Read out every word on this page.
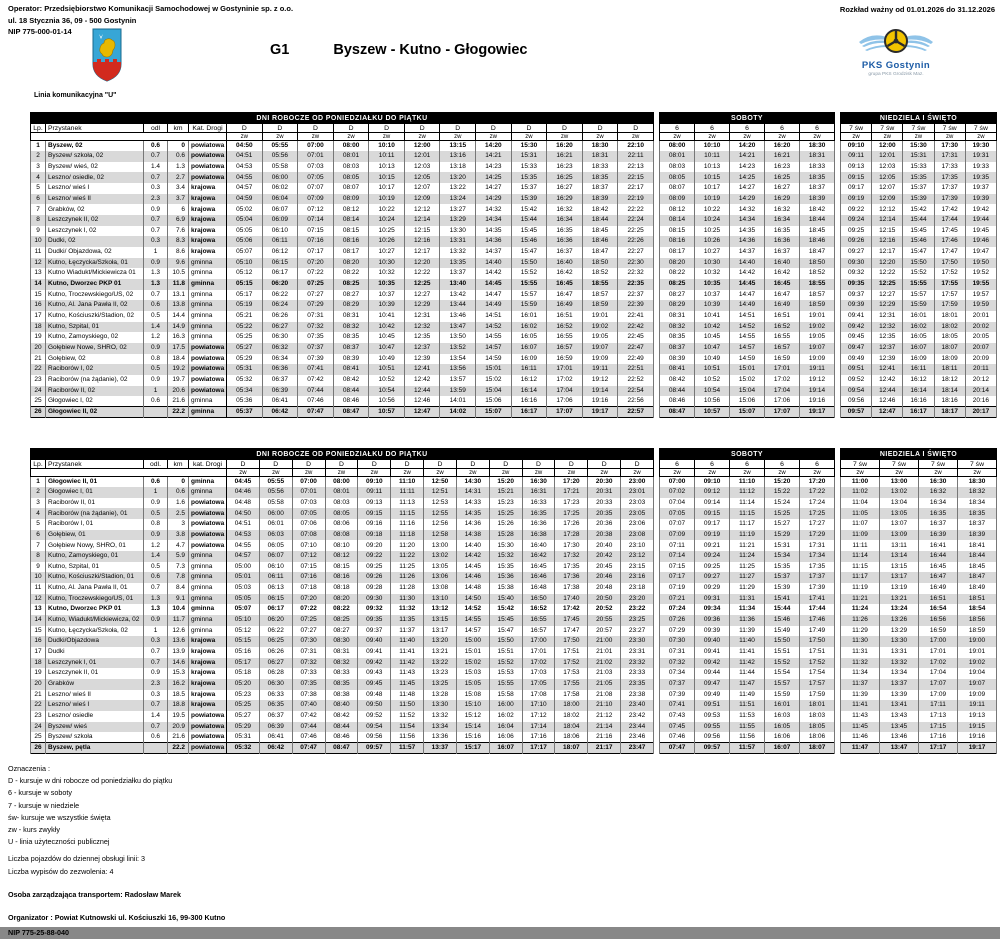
Operator: Przedsiębiorstwo Komunikacji Samochodowej w Gostyninie sp. z o.o.
ul. 18 Stycznia 36, 09 - 500 Gostynin
NIP 775-000-01-14
Rozkład ważny od 01.01.2026 do 31.12.2026
G1	Byszew - Kutno - Głogowiec
PKS Gostynin
grupa PKS Grodzisk Maz.
Linia komunikacyjna "U"
DNI ROBOCZE OD PONIEDZIAŁKU DO PIĄTKU																
Lp.	Przystanek	odl	km	Kat. Drogi	D	D	D	D	D	D	D	D	D	D	D	D
					zw	zw	zw	zw	zw	zw	zw	zw	zw	zw	zw	zw
1	Byszew, 02	0.6	0	powiatowa	04:50	05:55	07:00	08:00	10:10	12:00	13:15	14:20	15:30	16:20	18:30	22:10
2	Byszew/ szkoła, 02	0.7	0.6	powiatowa	04:51	05:56	07:01	08:01	10:11	12:01	13:16	14:21	15:31	16:21	18:31	22:11
3	Byszew/ wieś, 02	1.4	1.3	powiatowa	04:53	05:58	07:03	08:03	10:13	12:03	13:18	14:23	15:33	16:23	18:33	22:13
4	Leszno/ osiedle, 02	0.7	2.7	powiatowa	04:55	06:00	07:05	08:05	10:15	12:05	13:20	14:25	15:35	16:25	18:35	22:15
5	Leszno/ wieś I	0.3	3.4	krajowa	04:57	06:02	07:07	08:07	10:17	12:07	13:22	14:27	15:37	16:27	18:37	22:17
6	Leszno/ wieś II	2.3	3.7	krajowa	04:59	06:04	07:09	08:09	10:19	12:09	13:24	14:29	15:39	16:29	18:39	22:19
7	Grabków, 02	0.9	6	krajowa	05:02	06:07	07:12	08:12	10:22	12:12	13:27	14:32	15:42	16:32	18:42	22:22
8	Leszczynek II, 02	0.7	6.9	krajowa	05:04	06:09	07:14	08:14	10:24	12:14	13:29	14:34	15:44	16:34	18:44	22:24
9	Leszczynek I, 02	0.7	7.6	krajowa	05:05	06:10	07:15	08:15	10:25	12:15	13:30	14:35	15:45	16:35	18:45	22:25
10	Dudki, 02	0.3	8.3	krajowa	05:06	06:11	07:16	08:16	10:26	12:16	13:31	14:36	15:46	16:36	18:46	22:26
11	Dudki/ Objazdowa, 02	1	8.6	krajowa	05:07	06:12	07:17	08:17	10:27	12:17	13:32	14:37	15:47	16:37	18:47	22:27
12	Kutno, Łęczycka/Szkoła, 01	0.9	9.6	gminna	05:10	06:15	07:20	08:20	10:30	12:20	13:35	14:40	15:50	16:40	18:50	22:30
13	Kutno Wiadukt/Mickiewicza 01	1.3	10.5	gminna	05:12	06:17	07:22	08:22	10:32	12:22	13:37	14:42	15:52	16:42	18:52	22:32
14	Kutno, Dworzec PKP 01	1.3	11.8	gminna	05:15	06:20	07:25	08:25	10:35	12:25	13:40	14:45	15:55	16:45	18:55	22:35
15	Kutno, Troczewskiego/US, 02	0.7	13.1	gminna	05:17	06:22	07:27	08:27	10:37	12:27	13:42	14:47	15:57	16:47	18:57	22:37
16	Kutno, Al. Jana Pawła II, 02	0.6	13.8	gminna	05:19	06:24	07:29	08:29	10:39	12:29	13:44	14:49	15:59	16:49	18:59	22:39
17	Kutno, Kościuszki/Stadion, 02	0.5	14.4	gminna	05:21	06:26	07:31	08:31	10:41	12:31	13:46	14:51	16:01	16:51	19:01	22:41
18	Kutno, Szpital, 01	1.4	14.9	gminna	05:22	06:27	07:32	08:32	10:42	12:32	13:47	14:52	16:02	16:52	19:02	22:42
19	Kutno, Zamoyskiego, 02	1.2	16.3	gminna	05:25	06:30	07:35	08:35	10:45	12:35	13:50	14:55	16:05	16:55	19:05	22:45
20	Gołębiew Nowe, SHRO, 02	0.9	17.5	powiatowa	05:27	06:32	07:37	08:37	10:47	12:37	13:52	14:57	16:07	16:57	19:07	22:47
21	Gołębiew, 02	0.8	18.4	powiatowa	05:29	06:34	07:39	08:39	10:49	12:39	13:54	14:59	16:09	16:59	19:09	22:49
22	Raciborów I, 02	0.5	19.2	powiatowa	05:31	06:36	07:41	08:41	10:51	12:41	13:56	15:01	16:11	17:01	19:11	22:51
23	Raciborów (na żądanie), 02	0.9	19.7	powiatowa	05:32	06:37	07:42	08:42	10:52	12:42	13:57	15:02	16:12	17:02	19:12	22:52
24	Raciborów II, 02	1	20.6	powiatowa	05:34	06:39	07:44	08:44	10:54	12:44	13:59	15:04	16:14	17:04	19:14	22:54
25	Głogowiec I, 02	0.6	21.6	gminna	05:36	06:41	07:46	08:46	10:56	12:46	14:01	15:06	16:16	17:06	19:16	22:56
26	Głogowiec II, 02		22.2	gminna	05:37	06:42	07:47	08:47	10:57	12:47	14:02	15:07	16:17	17:07	19:17	22:57
SOBOTY				
6	6	6	6	6
zw	zw	zw	zw	zw
08:00	10:10	14:20	16:20	18:30
08:01	10:11	14:21	16:21	18:31
08:03	10:13	14:23	16:23	18:33
08:05	10:15	14:25	16:25	18:35
08:07	10:17	14:27	16:27	18:37
08:09	10:19	14:29	16:29	18:39
08:12	10:22	14:32	16:32	18:42
08:14	10:24	14:34	16:34	18:44
08:15	10:25	14:35	16:35	18:45
08:16	10:26	14:36	16:36	18:46
08:17	10:27	14:37	16:37	18:47
08:20	10:30	14:40	16:40	18:50
08:22	10:32	14:42	16:42	18:52
08:25	10:35	14:45	16:45	18:55
08:27	10:37	14:47	16:47	18:57
08:29	10:39	14:49	16:49	18:59
08:31	10:41	14:51	16:51	19:01
08:32	10:42	14:52	16:52	19:02
08:35	10:45	14:55	16:55	19:05
08:37	10:47	14:57	16:57	19:07
08:39	10:49	14:59	16:59	19:09
08:41	10:51	15:01	17:01	19:11
08:42	10:52	15:02	17:02	19:12
08:44	10:54	15:04	17:04	19:14
08:46	10:56	15:06	17:06	19:16
08:47	10:57	15:07	17:07	19:17
NIEDZIELA I ŚWIĘTO				
7 św	7 św	7 św	7 św	7 św
zw	zw	zw	zw	zw
09:10	12:00	15:30	17:30	19:30
09:11	12:01	15:31	17:31	19:31
09:13	12:03	15:33	17:33	19:33
09:15	12:05	15:35	17:35	19:35
09:17	12:07	15:37	17:37	19:37
09:19	12:09	15:39	17:39	19:39
09:22	12:12	15:42	17:42	19:42
09:24	12:14	15:44	17:44	19:44
09:25	12:15	15:45	17:45	19:45
09:26	12:16	15:46	17:46	19:46
09:27	12:17	15:47	17:47	19:47
09:30	12:20	15:50	17:50	19:50
09:32	12:22	15:52	17:52	19:52
09:35	12:25	15:55	17:55	19:55
09:37	12:27	15:57	17:57	19:57
09:39	12:29	15:59	17:59	19:59
09:41	12:31	16:01	18:01	20:01
09:42	12:32	16:02	18:02	20:02
09:45	12:35	16:05	18:05	20:05
09:47	12:37	16:07	18:07	20:07
09:49	12:39	16:09	18:09	20:09
09:51	12:41	16:11	18:11	20:11
09:52	12:42	16:12	18:12	20:12
09:54	12:44	16:14	18:14	20:14
09:56	12:46	16:16	18:16	20:16
09:57	12:47	16:17	18:17	20:17
DNI ROBOCZE OD PONIEDZIAŁKU DO PIĄTKU																	
Lp.	Przystanek	odl.	km	kat. Drogi	D	D	D	D	D	D	D	D	D	D	D	D	D
					zw	zw	zw	zw	zw	zw	zw	zw	zw	zw	zw	zw	zw
1	Głogowiec II, 01	0.6	0	gminna	04:45	05:55	07:00	08:00	09:10	11:10	12:50	14:30	15:20	16:30	17:20	20:30	23:00
2	Głogowiec I, 01	1	0.6	gminna	04:46	05:56	07:01	08:01	09:11	11:11	12:51	14:31	15:21	16:31	17:21	20:31	23:01
3	Raciborów II, 01	0.9	1.6	powiatowa	04:48	05:58	07:03	08:03	09:13	11:13	12:53	14:33	15:23	16:33	17:23	20:33	23:03
4	Raciborów (na żądanie), 01	0.5	2.5	powiatowa	04:50	06:00	07:05	08:05	09:15	11:15	12:55	14:35	15:25	16:35	17:25	20:35	23:05
5	Raciborów I, 01	0.8	3	powiatowa	04:51	06:01	07:06	08:06	09:16	11:16	12:56	14:36	15:26	16:36	17:26	20:36	23:06
6	Gołębiew, 01	0.9	3.8	powiatowa	04:53	06:03	07:08	08:08	09:18	11:18	12:58	14:38	15:28	16:38	17:28	20:38	23:08
7	Gołębiew Nowy, SHRO, 01	1.2	4.7	powiatowa	04:55	06:05	07:10	08:10	09:20	11:20	13:00	14:40	15:30	16:40	17:30	20:40	23:10
8	Kutno, Zamoyskiego, 01	1.4	5.9	gminna	04:57	06:07	07:12	08:12	09:22	11:22	13:02	14:42	15:32	16:42	17:32	20:42	23:12
9	Kutno, Szpital, 01	0.5	7.3	gminna	05:00	06:10	07:15	08:15	09:25	11:25	13:05	14:45	15:35	16:45	17:35	20:45	23:15
10	Kutno, Kościuszki/Stadion, 01	0.6	7.8	gminna	05:01	06:11	07:16	08:16	09:26	11:26	13:06	14:46	15:36	16:46	17:36	20:46	23:16
11	Kutno, Al. Jana Pawła II, 01	0.7	8.4	gminna	05:03	06:13	07:18	08:18	09:28	11:28	13:08	14:48	15:38	16:48	17:38	20:48	23:18
12	Kutno, Troczewskiego/US, 01	1.3	9.1	gminna	05:05	06:15	07:20	08:20	09:30	11:30	13:10	14:50	15:40	16:50	17:40	20:50	23:20
13	Kutno, Dworzec PKP 01	1.3	10.4	gminna	05:07	06:17	07:22	08:22	09:32	11:32	13:12	14:52	15:42	16:52	17:42	20:52	23:22
14	Kutno, Wiadukt/Mickiewicza, 02	0.9	11.7	gminna	05:10	06:20	07:25	08:25	09:35	11:35	13:15	14:55	15:45	16:55	17:45	20:55	23:25
15	Kutno, Łęczycka/Szkoła, 02	1	12.6	gminna	05:12	06:22	07:27	08:27	09:37	11:37	13:17	14:57	15:47	16:57	17:47	20:57	23:27
16	Dudki/Objazdowa	0.3	13.6	krajowa	05:15	06:25	07:30	08:30	09:40	11:40	13:20	15:00	15:50	17:00	17:50	21:00	23:30
17	Dudki	0.7	13.9	krajowa	05:16	06:26	07:31	08:31	09:41	11:41	13:21	15:01	15:51	17:01	17:51	21:01	23:31
18	Leszczynek I, 01	0.7	14.6	krajowa	05:17	06:27	07:32	08:32	09:42	11:42	13:22	15:02	15:52	17:02	17:52	21:02	23:32
19	Leszczynek II, 01	0.9	15.3	krajowa	05:18	06:28	07:33	08:33	09:43	11:43	13:23	15:03	15:53	17:03	17:53	21:03	23:33
20	Grabków	2.3	16.2	krajowa	05:20	06:30	07:35	08:35	09:45	11:45	13:25	15:05	15:55	17:05	17:55	21:05	23:35
21	Leszno/ wieś II	0.3	18.5	krajowa	05:23	06:33	07:38	08:38	09:48	11:48	13:28	15:08	15:58	17:08	17:58	21:08	23:38
22	Leszno/ wieś I	0.7	18.8	krajowa	05:25	06:35	07:40	08:40	09:50	11:50	13:30	15:10	16:00	17:10	18:00	21:10	23:40
23	Leszno/ osiedle	1.4	19.5	powiatowa	05:27	06:37	07:42	08:42	09:52	11:52	13:32	15:12	16:02	17:12	18:02	21:12	23:42
24	Byszew/ wieś	0.7	20.9	powiatowa	05:29	06:39	07:44	08:44	09:54	11:54	13:34	15:14	16:04	17:14	18:04	21:14	23:44
25	Byszew/ szkoła	0.6	21.6	powiatowa	05:31	06:41	07:46	08:46	09:56	11:56	13:36	15:16	16:06	17:16	18:06	21:16	23:46
26	Byszew, pętla		22.2	powiatowa	05:32	06:42	07:47	08:47	09:57	11:57	13:37	15:17	16:07	17:17	18:07	21:17	23:47
SOBOTY				
6	6	6	6	6
zw	zw	zw	zw	zw
07:00	09:10	11:10	15:20	17:20
07:02	09:12	11:12	15:22	17:22
07:04	09:14	11:14	15:24	17:24
07:05	09:15	11:15	15:25	17:25
07:07	09:17	11:17	15:27	17:27
07:09	09:19	11:19	15:29	17:29
07:11	09:21	11:21	15:31	17:31
07:14	09:24	11:24	15:34	17:34
07:15	09:25	11:25	15:35	17:35
07:17	09:27	11:27	15:37	17:37
07:19	09:29	11:29	15:39	17:39
07:21	09:31	11:31	15:41	17:41
07:24	09:34	11:34	15:44	17:44
07:26	09:36	11:36	15:46	17:46
07:29	09:39	11:39	15:49	17:49
07:30	09:40	11:40	15:50	17:50
07:31	09:41	11:41	15:51	17:51
07:32	09:42	11:42	15:52	17:52
07:34	09:44	11:44	15:54	17:54
07:37	09:47	11:47	15:57	17:57
07:39	09:49	11:49	15:59	17:59
07:41	09:51	11:51	16:01	18:01
07:43	09:53	11:53	16:03	18:03
07:45	09:55	11:55	16:05	18:05
07:46	09:56	11:56	16:06	18:06
07:47	09:57	11:57	16:07	18:07
NIEDZIELA I ŚWIĘTO			
7 św	7 św	7 św	7 św
zw	zw	zw	zw
11:00	13:00	16:30	18:30
11:02	13:02	16:32	18:32
11:04	13:04	16:34	18:34
11:05	13:05	16:35	18:35
11:07	13:07	16:37	18:37
11:09	13:09	16:39	18:39
11:11	13:11	16:41	18:41
11:14	13:14	16:44	18:44
11:15	13:15	16:45	18:45
11:17	13:17	16:47	18:47
11:19	13:19	16:49	18:49
11:21	13:21	16:51	18:51
11:24	13:24	16:54	18:54
11:26	13:26	16:56	18:56
11:29	13:29	16:59	18:59
11:30	13:30	17:00	19:00
11:31	13:31	17:01	19:01
11:32	13:32	17:02	19:02
11:34	13:34	17:04	19:04
11:37	13:37	17:07	19:07
11:39	13:39	17:09	19:09
11:41	13:41	17:11	19:11
11:43	13:43	17:13	19:13
11:45	13:45	17:15	19:15
11:46	13:46	17:16	19:16
11:47	13:47	17:17	19:17
Oznaczenia :
D - kursuje w dni robocze od poniedziałku do piątku
6 - kursuje w soboty
7 - kursuje w niedziele
św- kursuje we wszystkie święta
zw - kurs zwykły
U - linia użyteczności publicznej
Liczba pojazdów do dziennej obsługi linii: 3
Liczba wypisów do zezwolenia: 4
Osoba zarządzająca transportem: Radosław Marek
Organizator : Powiat Kutnowski ul. Kościuszki 16, 99-300 Kutno
NIP 775-25-88-040
